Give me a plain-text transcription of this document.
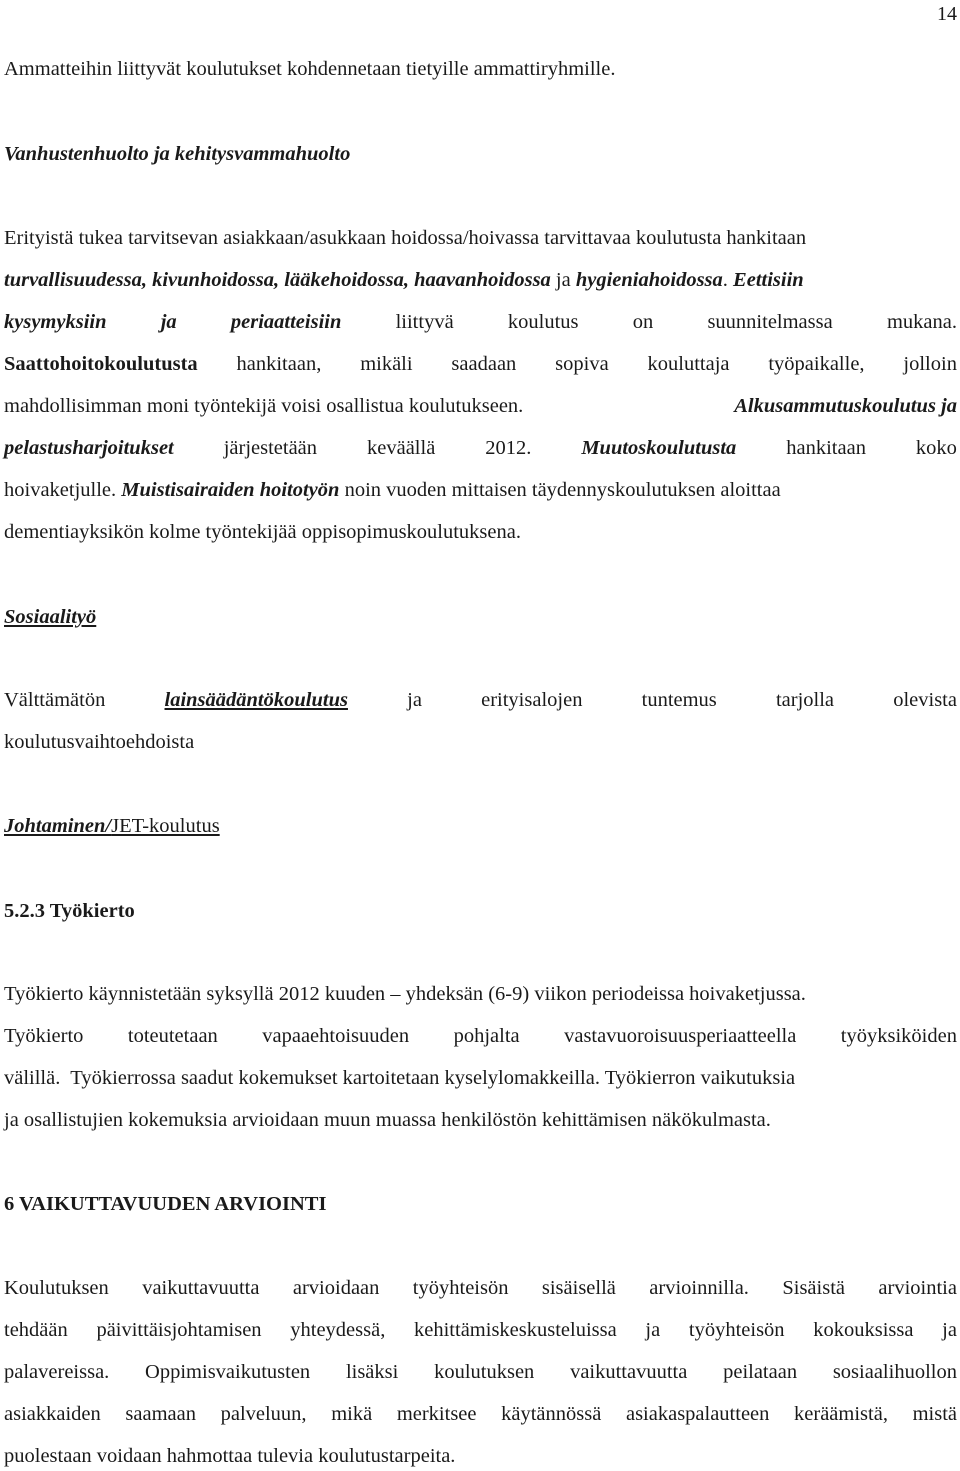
14
Ammatteihin liittyvät koulutukset kohdennetaan tietyille ammattiryhmille.
Vanhustenhuolto ja kehitysvammahuolto
Erityistä tukea tarvitsevan asiakkaan/asukkaan hoidossa/hoivassa tarvittavaa koulutusta hankitaan
turvallisuudessa, kivunhoidossa, lääkehoidossa, haavanhoidossa ja hygieniahoidossa. Eettisiin
kysymyksiin	ja	periaatteisiin	liittyvä	koulutus	on	suunnitelmassa	mukana.
Saattohoitokoulutusta hankitaan, mikäli saadaan sopiva kouluttaja työpaikalle, jolloin
mahdollisimman moni työntekijä voisi osallistua koulutukseen.	Alkusammutuskoulutus ja
pelastusharjoitukset järjestetään keväällä 2012. Muutoskoulutusta hankitaan koko
hoivaketjulle. Muistisairaiden hoitotyön noin vuoden mittaisen täydennyskoulutuksen aloittaa
dementiayksikön kolme työntekijää oppisopimuskoulutuksena.
Sosiaalityö
Välttämätön	lainsäädäntökoulutus	ja	erityisalojen	tuntemus	tarjolla	olevista
koulutusvaihtoehdoista
Johtaminen/JET-koulutus
5.2.3 Työkierto
Työkierto käynnistetään syksyllä 2012 kuuden – yhdeksän (6-9) viikon periodeissa hoivaketjussa.
Työkierto toteutetaan vapaaehtoisuuden pohjalta vastavuoroisuusperiaatteella työyksiköiden
välillä.  Työkierrossa saadut kokemukset kartoitetaan kyselylomakkeilla. Työkierron vaikutuksia
ja osallistujien kokemuksia arvioidaan muun muassa henkilöstön kehittämisen näkökulmasta.
6 VAIKUTTAVUUDEN ARVIOINTI
Koulutuksen vaikuttavuutta arvioidaan työyhteisön sisäisellä arvioinnilla. Sisäistä arviointia
tehdään päivittäisjohtamisen yhteydessä, kehittämiskeskusteluissa ja työyhteisön kokouksissa ja
palavereissa. Oppimisvaikutusten lisäksi koulutuksen vaikuttavuutta peilataan sosiaalihuollon
asiakkaiden saamaan palveluun, mikä merkitsee käytännössä asiakaspalautteen keräämistä, mistä
puolestaan voidaan hahmottaa tulevia koulutustarpeita.
